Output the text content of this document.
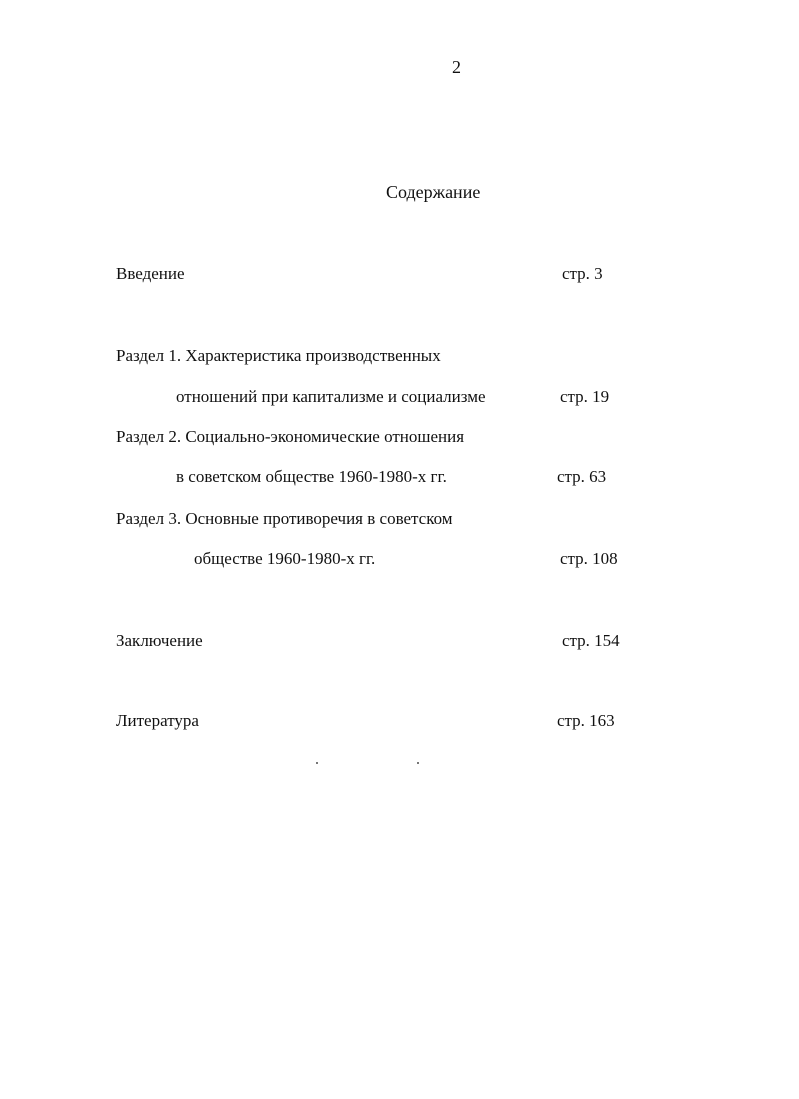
2
Содержание
Введение	стр. 3
Раздел 1. Характеристика производственных
отношений при капитализме и социализме	стр. 19
Раздел 2. Социально-экономические отношения
в советском обществе 1960-1980-х гг.	стр. 63
Раздел 3. Основные противоречия в советском
обществе 1960-1980-х гг.	стр. 108
Заключение	стр. 154
Литература	стр. 163
